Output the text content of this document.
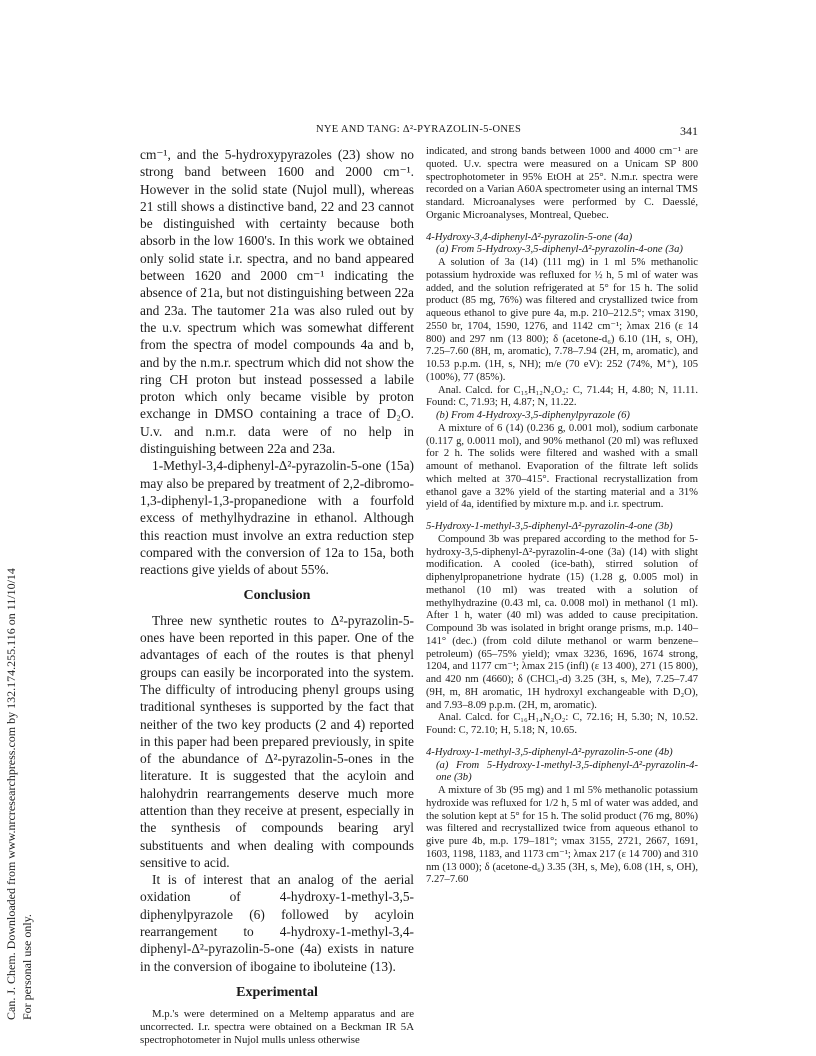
NYE AND TANG: Δ²-PYRAZOLIN-5-ONES	341
Can. J. Chem. Downloaded from www.nrcresearchpress.com by 132.174.255.116 on 11/10/14 For personal use only.

cm⁻¹, and the 5-hydroxypyrazoles (23) show no strong band between 1600 and 2000 cm⁻¹. However in the solid state (Nujol mull), whereas 21 still shows a distinctive band, 22 and 23 cannot be distinguished with certainty because both absorb in the low 1600's. In this work we obtained only solid state i.r. spectra, and no band appeared between 1620 and 2000 cm⁻¹ indicating the absence of 21a, but not distinguishing between 22a and 23a. The tautomer 21a was also ruled out by the u.v. spectrum which was somewhat different from the spectra of model compounds 4a and b, and by the n.m.r. spectrum which did not show the ring CH proton but instead possessed a labile proton which only became visible by proton exchange in DMSO containing a trace of D₂O. U.v. and n.m.r. data were of no help in distinguishing between 22a and 23a.

1-Methyl-3,4-diphenyl-Δ²-pyrazolin-5-one (15a) may also be prepared by treatment of 2,2-dibromo-1,3-diphenyl-1,3-propanedione with a fourfold excess of methylhydrazine in ethanol. Although this reaction must involve an extra reduction step compared with the conversion of 12a to 15a, both reactions give yields of about 55%.

Conclusion

Three new synthetic routes to Δ²-pyrazolin-5-ones have been reported in this paper. One of the advantages of each of the routes is that phenyl groups can easily be incorporated into the system. The difficulty of introducing phenyl groups using traditional syntheses is supported by the fact that neither of the two key products (2 and 4) reported in this paper had been prepared previously, in spite of the abundance of Δ²-pyrazolin-5-ones in the literature. It is suggested that the acyloin and halohydrin rearrangements deserve much more attention than they receive at present, especially in the synthesis of compounds bearing aryl substituents and when dealing with compounds sensitive to acid.

It is of interest that an analog of the aerial oxidation of 4-hydroxy-1-methyl-3,5-diphenylpyrazole (6) followed by acyloin rearrangement to 4-hydroxy-1-methyl-3,4-diphenyl-Δ²-pyrazolin-5-one (4a) exists in nature in the conversion of ibogaine to iboluteine (13).

Experimental

M.p.'s were determined on a Meltemp apparatus and are uncorrected. I.r. spectra were obtained on a Beckman IR 5A spectrophotometer in Nujol mulls unless otherwise

indicated, and strong bands between 1000 and 4000 cm⁻¹ are quoted. U.v. spectra were measured on a Unicam SP 800 spectrophotometer in 95% EtOH at 25°. N.m.r. spectra were recorded on a Varian A60A spectrometer using an internal TMS standard. Microanalyses were performed by C. Daesslé, Organic Microanalyses, Montreal, Quebec.

4-Hydroxy-3,4-diphenyl-Δ²-pyrazolin-5-one (4a)

(a) From 5-Hydroxy-3,5-diphenyl-Δ²-pyrazolin-4-one (3a)

A solution of 3a (14) (111 mg) in 1 ml 5% methanolic potassium hydroxide was refluxed for ½ h, 5 ml of water was added, and the solution refrigerated at 5° for 15 h. The solid product (85 mg, 76%) was filtered and crystallized twice from aqueous ethanol to give pure 4a, m.p. 210–212.5°; νmax 3190, 2550 br, 1704, 1590, 1276, and 1142 cm⁻¹; λmax 216 (ε 14 800) and 297 nm (13 800); δ (acetone-d₆) 6.10 (1H, s, OH), 7.25–7.60 (8H, m, aromatic), 7.78–7.94 (2H, m, aromatic), and 10.53 p.p.m. (1H, s, NH); m/e (70 eV): 252 (74%, M⁺), 105 (100%), 77 (85%).

Anal. Calcd. for C₁₅H₁₂N₂O₂: C, 71.44; H, 4.80; N, 11.11. Found: C, 71.93; H, 4.87; N, 11.22.

(b) From 4-Hydroxy-3,5-diphenylpyrazole (6)

A mixture of 6 (14) (0.236 g, 0.001 mol), sodium carbonate (0.117 g, 0.0011 mol), and 90% methanol (20 ml) was refluxed for 2 h. The solids were filtered and washed with a small amount of methanol. Evaporation of the filtrate left solids which melted at 370–415°. Fractional recrystallization from ethanol gave a 32% yield of the starting material and a 31% yield of 4a, identified by mixture m.p. and i.r. spectrum.

5-Hydroxy-1-methyl-3,5-diphenyl-Δ²-pyrazolin-4-one (3b)

Compound 3b was prepared according to the method for 5-hydroxy-3,5-diphenyl-Δ²-pyrazolin-4-one (3a) (14) with slight modification. A cooled (ice-bath), stirred solution of diphenylpropanetrione hydrate (15) (1.28 g, 0.005 mol) in methanol (10 ml) was treated with a solution of methylhydrazine (0.43 ml, ca. 0.008 mol) in methanol (1 ml). After 1 h, water (40 ml) was added to cause precipitation. Compound 3b was isolated in bright orange prisms, m.p. 140–141° (dec.) (from cold dilute methanol or warm benzene–petroleum) (65–75% yield); νmax 3236, 1696, 1674 strong, 1204, and 1177 cm⁻¹; λmax 215 (infl) (ε 13 400), 271 (15 800), and 420 nm (4660); δ (CHCl₃-d) 3.25 (3H, s, Me), 7.25–7.47 (9H, m, 8H aromatic, 1H hydroxyl exchangeable with D₂O), and 7.93–8.09 p.p.m. (2H, m, aromatic).

Anal. Calcd. for C₁₆H₁₄N₂O₂: C, 72.16; H, 5.30; N, 10.52. Found: C, 72.10; H, 5.18; N, 10.65.

4-Hydroxy-1-methyl-3,5-diphenyl-Δ²-pyrazolin-5-one (4b)

(a) From 5-Hydroxy-1-methyl-3,5-diphenyl-Δ²-pyrazolin-4-one (3b)

A mixture of 3b (95 mg) and 1 ml 5% methanolic potassium hydroxide was refluxed for 1/2 h, 5 ml of water was added, and the solution kept at 5° for 15 h. The solid product (76 mg, 80%) was filtered and recrystallized twice from aqueous ethanol to give pure 4b, m.p. 179–181°; νmax 3155, 2721, 2667, 1691, 1603, 1198, 1183, and 1173 cm⁻¹; λmax 217 (ε 14 700) and 310 nm (13 000); δ (acetone-d₆) 3.35 (3H, s, Me), 6.08 (1H, s, OH), 7.27–7.60
